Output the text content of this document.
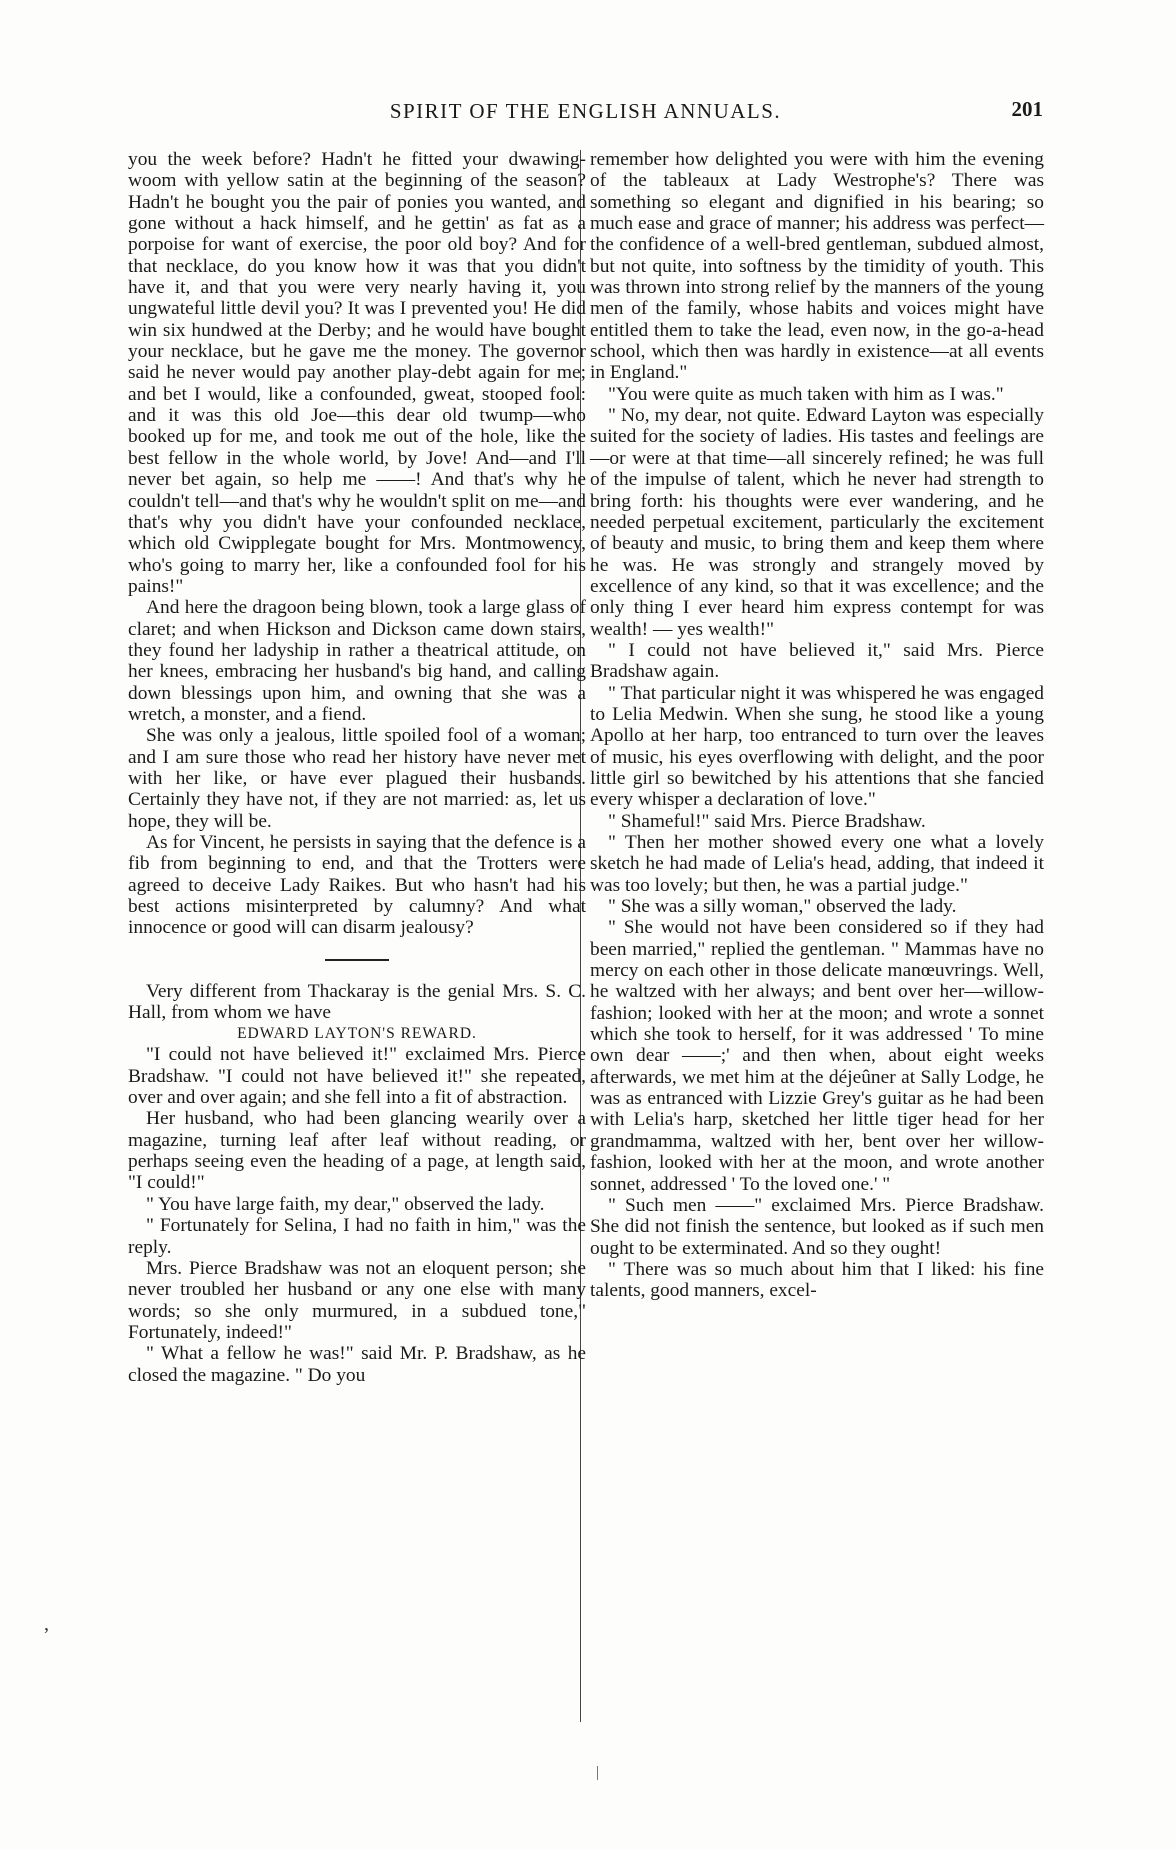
SPIRIT OF THE ENGLISH ANNUALS.	201

you the week before? Hadn't he fitted your dwawing-woom with yellow satin at the beginning of the season? Hadn't he bought you the pair of ponies you wanted, and gone without a hack himself, and he gettin' as fat as a porpoise for want of exercise, the poor old boy? And for that necklace, do you know how it was that you didn't have it, and that you were very nearly having it, you ungwateful little devil you? It was I prevented you! He did win six hundwed at the Derby; and he would have bought your necklace, but he gave me the money. The governor said he never would pay another play-debt again for me; and bet I would, like a confounded, gweat, stooped fool: and it was this old Joe—this dear old twump—who booked up for me, and took me out of the hole, like the best fellow in the whole world, by Jove! And—and I'll never bet again, so help me ——! And that's why he couldn't tell—and that's why he wouldn't split on me—and that's why you didn't have your confounded necklace, which old Cwipplegate bought for Mrs. Montmowency, who's going to marry her, like a confounded fool for his pains!"

And here the dragoon being blown, took a large glass of claret; and when Hickson and Dickson came down stairs, they found her ladyship in rather a theatrical attitude, on her knees, embracing her husband's big hand, and calling down blessings upon him, and owning that she was a wretch, a monster, and a fiend.

She was only a jealous, little spoiled fool of a woman; and I am sure those who read her history have never met with her like, or have ever plagued their husbands. Certainly they have not, if they are not married: as, let us hope, they will be.

As for Vincent, he persists in saying that the defence is a fib from beginning to end, and that the Trotters were agreed to deceive Lady Raikes. But who hasn't had his best actions misinterpreted by calumny? And what innocence or good will can disarm jealousy?

Very different from Thackaray is the genial Mrs. S. C. Hall, from whom we have

EDWARD LAYTON'S REWARD.

"I could not have believed it!" exclaimed Mrs. Pierce Bradshaw. "I could not have believed it!" she repeated, over and over again; and she fell into a fit of abstraction.

Her husband, who had been glancing wearily over a magazine, turning leaf after leaf without reading, or perhaps seeing even the heading of a page, at length said, "I could!"

" You have large faith, my dear," observed the lady.

" Fortunately for Selina, I had no faith in him," was the reply.

Mrs. Pierce Bradshaw was not an eloquent person; she never troubled her husband or any one else with many words; so she only murmured, in a subdued tone," Fortunately, indeed!"

" What a fellow he was!" said Mr. P. Bradshaw, as he closed the magazine. " Do you

remember how delighted you were with him the evening of the tableaux at Lady Westrophe's? There was something so elegant and dignified in his bearing; so much ease and grace of manner; his address was perfect—the confidence of a well-bred gentleman, subdued almost, but not quite, into softness by the timidity of youth. This was thrown into strong relief by the manners of the young men of the family, whose habits and voices might have entitled them to take the lead, even now, in the go-a-head school, which then was hardly in existence—at all events in England."

"You were quite as much taken with him as I was."

" No, my dear, not quite. Edward Layton was especially suited for the society of ladies. His tastes and feelings are—or were at that time—all sincerely refined; he was full of the impulse of talent, which he never had strength to bring forth: his thoughts were ever wandering, and he needed perpetual excitement, particularly the excitement of beauty and music, to bring them and keep them where he was. He was strongly and strangely moved by excellence of any kind, so that it was excellence; and the only thing I ever heard him express contempt for was wealth! — yes wealth!"

" I could not have believed it," said Mrs. Pierce Bradshaw again.

" That particular night it was whispered he was engaged to Lelia Medwin. When she sung, he stood like a young Apollo at her harp, too entranced to turn over the leaves of music, his eyes overflowing with delight, and the poor little girl so bewitched by his attentions that she fancied every whisper a declaration of love."

" Shameful!" said Mrs. Pierce Bradshaw.

" Then her mother showed every one what a lovely sketch he had made of Lelia's head, adding, that indeed it was too lovely; but then, he was a partial judge."

" She was a silly woman," observed the lady.

" She would not have been considered so if they had been married," replied the gentleman. " Mammas have no mercy on each other in those delicate manœuvrings. Well, he waltzed with her always; and bent over her—willow-fashion; looked with her at the moon; and wrote a sonnet which she took to herself, for it was addressed ' To mine own dear ——;' and then when, about eight weeks afterwards, we met him at the déjeûner at Sally Lodge, he was as entranced with Lizzie Grey's guitar as he had been with Lelia's harp, sketched her little tiger head for her grandmamma, waltzed with her, bent over her willow-fashion, looked with her at the moon, and wrote another sonnet, addressed ' To the loved one.' "

" Such men ——" exclaimed Mrs. Pierce Bradshaw. She did not finish the sentence, but looked as if such men ought to be exterminated. And so they ought!

" There was so much about him that I liked: his fine talents, good manners, excel-

,
